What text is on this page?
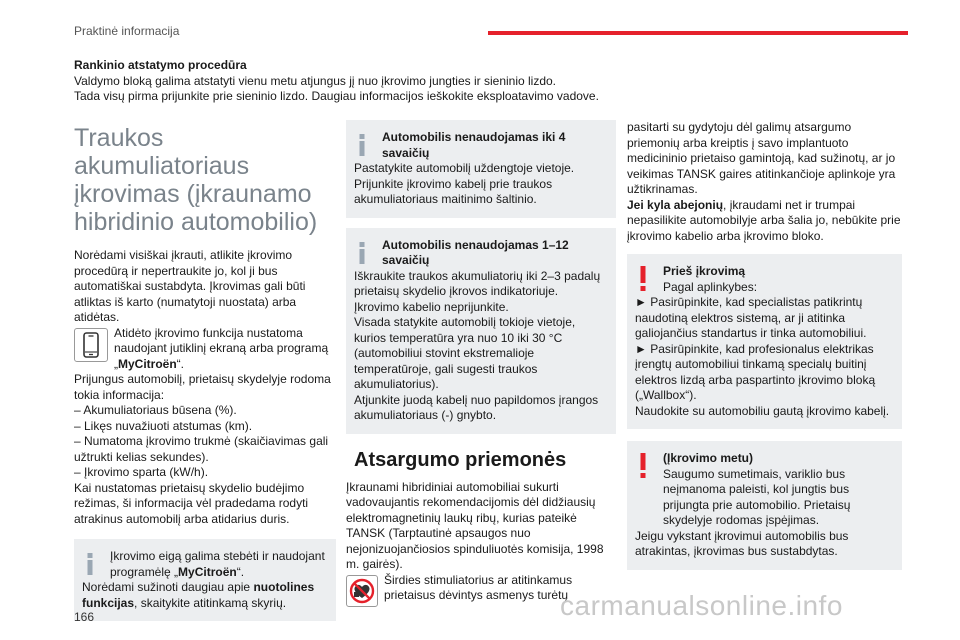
Praktinė informacija

Rankinio atstatymo procedūra

Valdymo bloką galima atstatyti vienu metu atjungus jį nuo įkrovimo jungties ir sieninio lizdo.

Tada visų pirma prijunkite prie sieninio lizdo. Daugiau informacijos ieškokite eksploatavimo vadove.

Traukos akumuliatoriaus įkrovimas (įkraunamo hibridinio automobilio)

Norėdami visiškai įkrauti, atlikite įkrovimo procedūrą ir nepertraukite jo, kol ji bus automatiškai sustabdyta. Įkrovimas gali būti atliktas iš karto (numatytoji nuostata) arba atidėtas.

Atidėto įkrovimo funkcija nustatoma naudojant jutiklinį ekraną arba programą „MyCitroën“.

Prijungus automobilį, prietaisų skydelyje rodoma tokia informacija:

– Akumuliatoriaus būsena (%).

– Likęs nuvažiuoti atstumas (km).

– Numatoma įkrovimo trukmė (skaičiavimas gali užtrukti kelias sekundes).

– Įkrovimo sparta (kW/h).

Kai nustatomas prietaisų skydelio budėjimo režimas, ši informacija vėl pradedama rodyti atrakinus automobilį arba atidarius duris.

Įkrovimo eigą galima stebėti ir naudojant programėlę „MyCitroën“.

Norėdami sužinoti daugiau apie nuotolines funkcijas, skaitykite atitinkamą skyrių.

Automobilis nenaudojamas iki 4 savaičių

Pastatykite automobilį uždengtoje vietoje. Prijunkite įkrovimo kabelį prie traukos akumuliatoriaus maitinimo šaltinio.

Automobilis nenaudojamas 1–12 savaičių

Iškraukite traukos akumuliatorių iki 2–3 padalų prietaisų skydelio įkrovos indikatoriuje.

Įkrovimo kabelio neprijunkite.

Visada statykite automobilį tokioje vietoje, kurios temperatūra yra nuo 10 iki 30 °C (automobiliui stovint ekstremalioje temperatūroje, gali sugesti traukos akumuliatorius).

Atjunkite juodą kabelį nuo papildomos įrangos akumuliatoriaus (-) gnybto.

Atsargumo priemonės

Įkraunami hibridiniai automobiliai sukurti vadovaujantis rekomendacijomis dėl didžiausių elektromagnetinių laukų ribų, kurias pateikė TANSK (Tarptautinė apsaugos nuo nejonizuojančiosios spinduliuotės komisija, 1998 m. gairės).

Širdies stimuliatorius ar atitinkamus prietaisus dėvintys asmenys turėtų

pasitarti su gydytoju dėl galimų atsargumo priemonių arba kreiptis į savo implantuoto medicininio prietaiso gamintoją, kad sužinotų, ar jo veikimas TANSK gaires atitinkančioje aplinkoje yra užtikrinamas.

Jei kyla abejonių, įkraudami net ir trumpai nepasilikite automobilyje arba šalia jo, nebūkite prie įkrovimo kabelio arba įkrovimo bloko.

Prieš įkrovimą

Pagal aplinkybes:

► Pasirūpinkite, kad specialistas patikrintų naudotiną elektros sistemą, ar ji atitinka galiojančius standartus ir tinka automobiliui.

► Pasirūpinkite, kad profesionalus elektrikas įrengtų automobiliui tinkamą specialų buitinį elektros lizdą arba paspartinto įkrovimo bloką („Wallbox“).

Naudokite su automobiliu gautą įkrovimo kabelį.

(Įkrovimo metu)

Saugumo sumetimais, variklio bus neįmanoma paleisti, kol jungtis bus prijungta prie automobilio. Prietaisų skydelyje rodomas įspėjimas.

Jeigu vykstant įkrovimui automobilis bus atrakintas, įkrovimas bus sustabdytas.

166	carmanualsonline.info
